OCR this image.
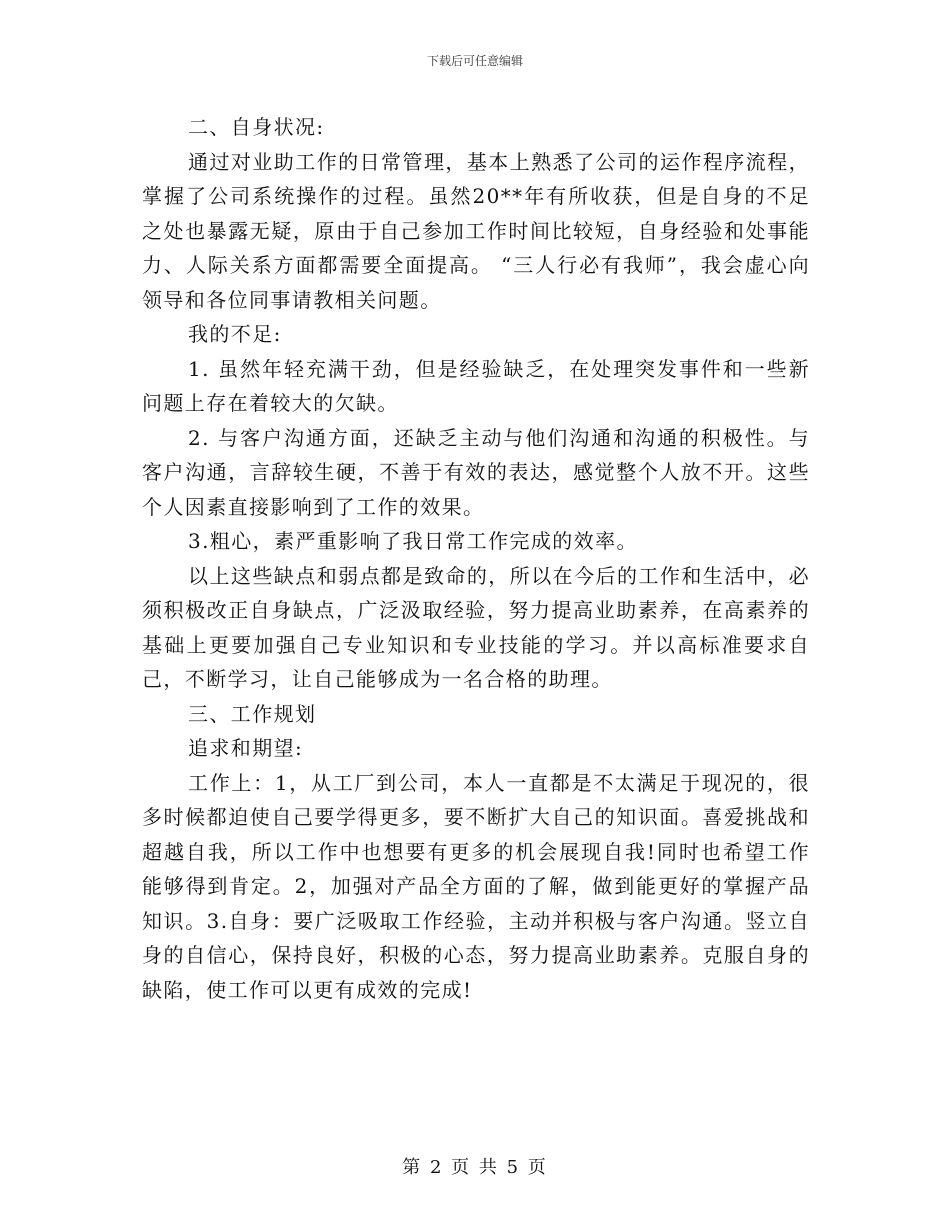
下载后可任意编辑

二、自身状况:

通过对业助工作的日常管理，基本上熟悉了公司的运作程序流程，掌握了公司系统操作的过程。虽然20**年有所收获，但是自身的不足之处也暴露无疑，原由于自己参加工作时间比较短，自身经验和处事能力、人际关系方面都需要全面提高。 “三人行必有我师”，我会虚心向领导和各位同事请教相关问题。

我的不足:

1. 虽然年轻充满干劲，但是经验缺乏，在处理突发事件和一些新问题上存在着较大的欠缺。

2. 与客户沟通方面，还缺乏主动与他们沟通和沟通的积极性。与客户沟通，言辞较生硬，不善于有效的表达，感觉整个人放不开。这些个人因素直接影响到了工作的效果。

3.粗心，素严重影响了我日常工作完成的效率。

以上这些缺点和弱点都是致命的，所以在今后的工作和生活中，必须积极改正自身缺点，广泛汲取经验，努力提高业助素养，在高素养的基础上更要加强自己专业知识和专业技能的学习。并以高标准要求自己，不断学习，让自己能够成为一名合格的助理。

三、工作规划

追求和期望:

工作上：1，从工厂到公司，本人一直都是不太满足于现况的，很多时候都迫使自己要学得更多，要不断扩大自己的知识面。喜爱挑战和超越自我，所以工作中也想要有更多的机会展现自我!同时也希望工作能够得到肯定。2，加强对产品全方面的了解，做到能更好的掌握产品知识。3.自身：要广泛吸取工作经验，主动并积极与客户沟通。竖立自身的自信心，保持良好，积极的心态，努力提高业助素养。克服自身的缺陷，使工作可以更有成效的完成!

第 2 页 共 5 页
